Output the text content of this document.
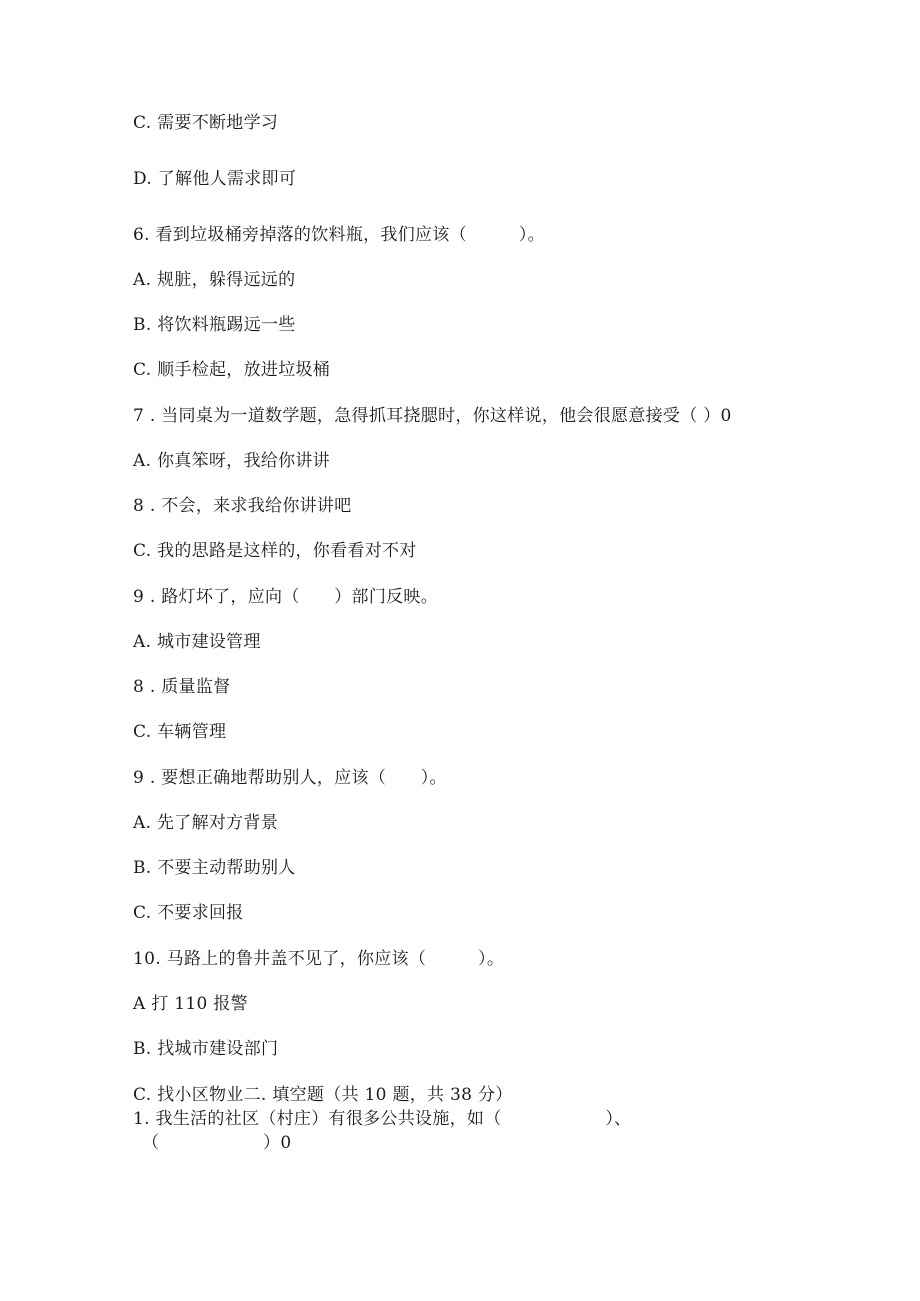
C. 需要不断地学习
D. 了解他人需求即可
6. 看到垃圾桶旁掉落的饮料瓶，我们应该（　　　）。
A. 规脏，躲得远远的
B. 将饮料瓶踢远一些
C. 顺手检起，放进垃圾桶
7 . 当同桌为一道数学题，急得抓耳挠腮时，你这样说，他会很愿意接受（ ）0
A. 你真笨呀，我给你讲讲
8 . 不会，来求我给你讲讲吧
C. 我的思路是这样的，你看看对不对
9 . 路灯坏了，应向（　　）部门反映。
A. 城市建设管理
8 . 质量监督
C. 车辆管理
9 . 要想正确地帮助别人，应该（　　）。
A. 先了解对方背景
B. 不要主动帮助别人
C. 不要求回报
10. 马路上的鲁井盖不见了，你应该（　　　）。
A 打 110 报警
B. 找城市建设部门
C. 找小区物业二. 填空题（共 10 题，共 38 分）
1. 我生活的社区（村庄）有很多公共设施，如（　　　　　　）、
（　　　　　　）0
